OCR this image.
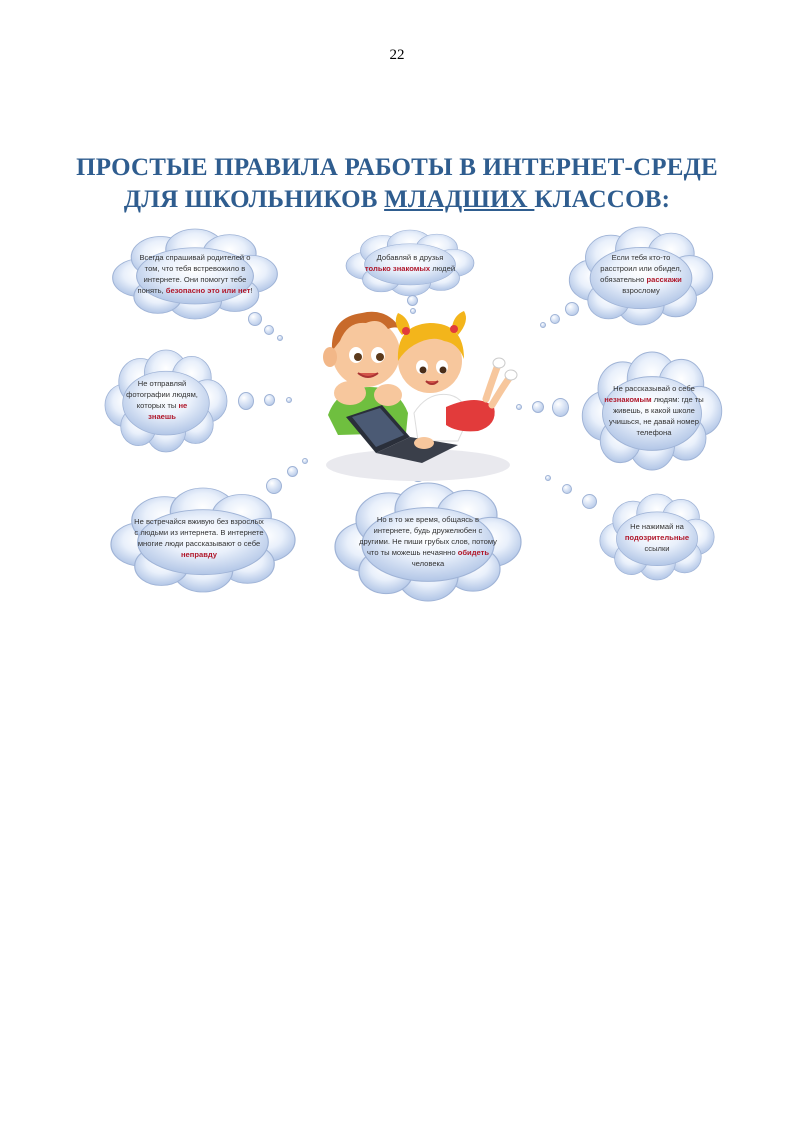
22
ПРОСТЫЕ ПРАВИЛА РАБОТЫ В ИНТЕРНЕТ-СРЕДЕ
ДЛЯ ШКОЛЬНИКОВ МЛАДШИХ КЛАССОВ:
Всегда спрашивай родителей о том, что тебя встревожило в интернете. Они помогут тебе понять, безопасно это или нет!
Добавляй в друзья только знакомых людей
Если тебя кто-то расстроил или обидел, обязательно расскажи взрослому
Не отправляй фотографии людям, которых ты не знаешь
Не рассказывай о себе незнакомым людям: где ты живешь, в какой школе учишься, не давай номер телефона
Не встречайся вживую без взрослых с людьми из интернета. В интернете многие люди рассказывают о себе неправду
Но в то же время, общаясь в интернете, будь дружелюбен с другими. Не пиши грубых слов, потому что ты можешь нечаянно обидеть человека
Не нажимай на подозрительные ссылки
